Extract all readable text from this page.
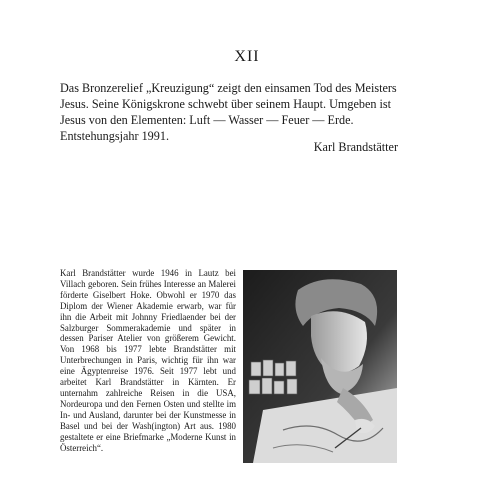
XII
Das Bronzerelief „Kreuzigung“ zeigt den einsamen Tod des Meisters Jesus. Seine Königskrone schwebt über seinem Haupt. Umgeben ist Jesus von den Elementen: Luft — Wasser — Feuer — Erde. Entstehungsjahr 1991.
Karl Brandstätter
Karl Brandstätter wurde 1946 in Lautz bei Villach geboren. Sein frühes Interesse an Malerei förderte Giselbert Hoke. Obwohl er 1970 das Diplom der Wiener Akademie erwarb, war für ihn die Arbeit mit Johnny Friedlaender bei der Salzburger Sommerakademie und später in dessen Pariser Atelier von größerem Gewicht. Von 1968 bis 1977 lebte Brandstätter mit Unterbrechungen in Paris, wichtig für ihn war eine Ägyptenreise 1976. Seit 1977 lebt und arbeitet Karl Brandstätter in Kärnten. Er unternahm zahlreiche Reisen in die USA, Nordeuropa und den Fernen Osten und stellte im In- und Ausland, darunter bei der Kunstmesse in Basel und bei der Wash(ington) Art aus. 1980 gestaltete er eine Briefmarke „Moderne Kunst in Österreich“.
